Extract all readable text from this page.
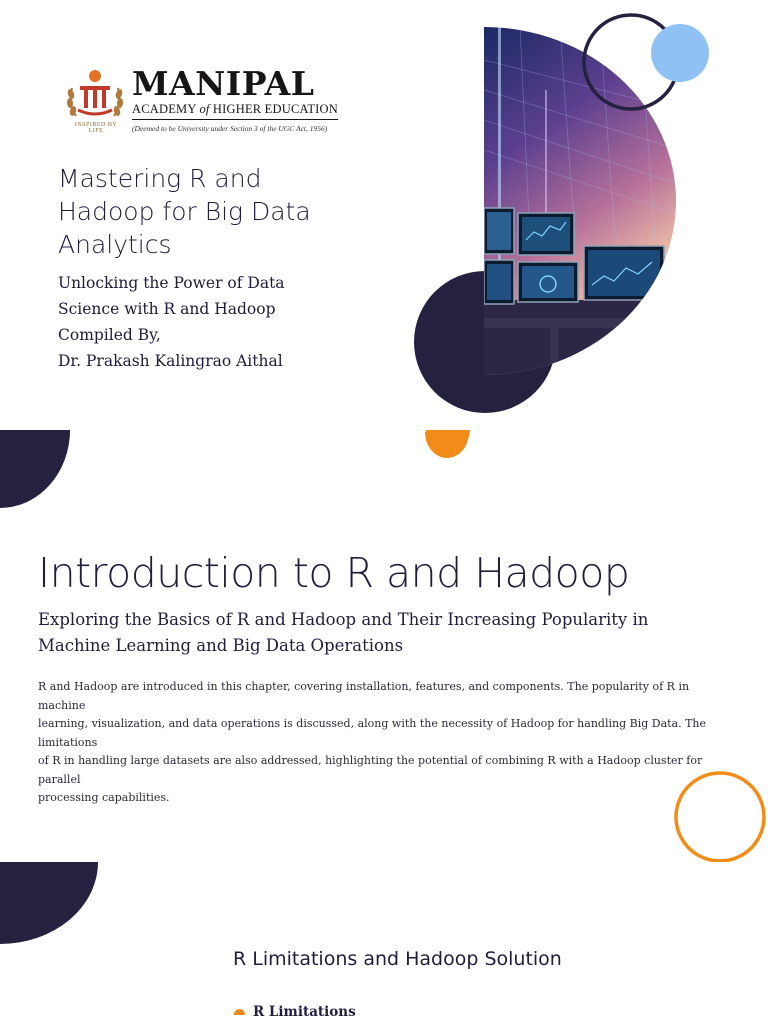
INSPIRED BY LIFE
MANIPAL
ACADEMY of HIGHER EDUCATION
(Deemed to be University under Section 3 of the UGC Act, 1956)
Mastering R and
Hadoop for Big Data
Analytics
Unlocking the Power of Data
Science with R and Hadoop
Compiled By,
Dr. Prakash Kalingrao Aithal
Introduction to R and Hadoop
Exploring the Basics of R and Hadoop and Their Increasing Popularity in
Machine Learning and Big Data Operations
R and Hadoop are introduced in this chapter, covering installation, features, and components. The popularity of R in machine
learning, visualization, and data operations is discussed, along with the necessity of Hadoop for handling Big Data. The limitations
of R in handling large datasets are also addressed, highlighting the potential of combining R with a Hadoop cluster for parallel
processing capabilities.
R Limitations and Hadoop Solution
R Limitations
